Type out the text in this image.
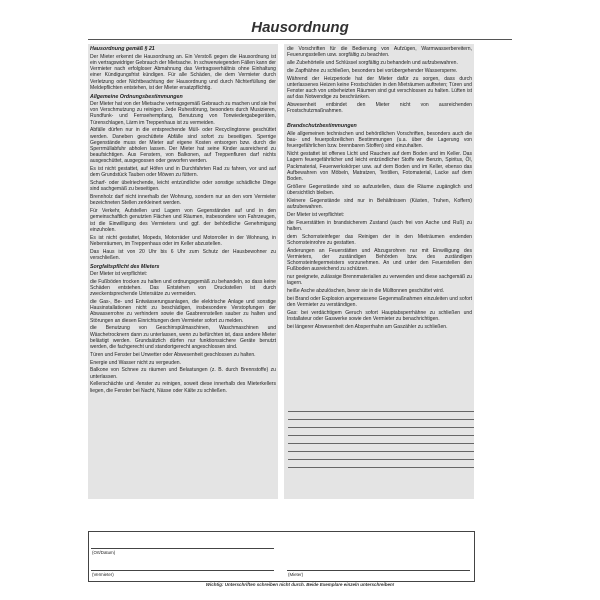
Hausordnung
Hausordnung gemäß § 21

Der Mieter erkennt die Hausordnung an. Ein Verstoß gegen die Hausordnung ist ein vertragswidriger Gebrauch der Mietsache. In schwerwiegenden Fällen kann der Vermieter nach erfolgloser Abmahnung das Vertragsverhältnis ohne Einhaltung einer Kündigungsfrist kündigen. Für alle Schäden, die dem Vermieter durch Verletzung oder Nichtbeachtung der Hausordnung und durch Nichterfüllung der Meldepflichten entstehen, ist der Mieter ersatzpflichtig.

Allgemeine Ordnungsbestimmungen

Der Mieter hat von der Mietsache vertragsgemäß Gebrauch zu machen und sie frei von Verschmutzung zu reinigen. Jede Ruhestörung, besonders durch Musizieren, Rundfunk- und Fernsehempfang, Benutzung von Tonwiedergabegeräten, Türenschlagen, Lärm im Treppenhaus ist zu vermeiden.

Abfälle dürfen nur in die entsprechende Müll- oder Recyclingtonne geschüttet werden. Daneben geschüttete Abfälle sind sofort zu beseitigen. Sperrige Gegenstände muss der Mieter auf eigene Kosten entsorgen bzw. durch die Sperrmüllabfuhr abholen lassen. Der Mieter hat seine Kinder ausreichend zu beaufsichtigen. Aus Fenstern, von Balkonen, auf Treppenfluren darf nichts ausgeschüttet, ausgegossen oder geworfen werden.

Es ist nicht gestattet, auf Höfen und in Durchfahrten Rad zu fahren, vor und auf dem Grundstück Tauben oder Möwen zu füttern.

Scharf- oder übelriechende, leicht entzündliche oder sonstige schädliche Dinge sind sachgemäß zu beseitigen.

Brennholz darf nicht innerhalb der Wohnung, sondern nur an den vom Vermieter bezeichneten Stellen zerkleinert werden.

Für Verkehr, Aufstellen und Lagern von Gegenständen auf und in den gemeinschaftlich genutzten Flächen und Räumen, insbesondere von Fahrzeugen, ist die Einwilligung des Vermieters und ggf. der behördliche Genehmigung einzuholen.

Es ist nicht gestattet, Mopeds, Motorräder und Motorroller in der Wohnung, in Nebenräumen, im Treppenhaus oder im Keller abzustellen.

Das Haus ist von 20 Uhr bis 6 Uhr zum Schutz der Hausbewohner zu verschließen.

Sorgfaltspflicht des Mieters

Der Mieter ist verpflichtet:

die Fußböden trocken zu halten und ordnungsgemäß zu behandeln, so dass keine Schäden entstehen. Das Entstehen von Druckstellen ist durch zweckentsprechende Untersätze zu vermeiden.

die Gas-, Be- und Entwässerungsanlagen, die elektrische Anlage und sonstige Hausinstallationen nicht zu beschädigen, insbesondere Verstopfungen der Abwasserrohre zu verhindern sowie die Gasbrennstellen sauber zu halten und Störungen an diesen Einrichtungen dem Vermieter sofort zu melden.

die Benutzung von Geschirrspülmaschinen, Waschmaschinen und Wäschetrocknern dann zu unterlassen, wenn zu befürchten ist, dass andere Mieter belästigt werden. Grundsätzlich dürfen nur funktionssichere Geräte benutzt werden, die fachgerecht und standortgerecht angeschlossen sind.

Türen und Fenster bei Unwetter oder Abwesenheit geschlossen zu halten.

Energie und Wasser nicht zu vergeuden.

Balkone von Schnee zu räumen und Belastungen (z. B. durch Brennstoffe) zu unterlassen.

Kellerschächte und -fenster zu reinigen, soweit diese innerhalb des Mieterkellers liegen, die Fenster bei Nacht, Nässe oder Kälte zu schließen.

die Vorschriften für die Bedienung von Aufzügen, Warmwasserbereitern, Feuerungsstellen usw. sorgfältig zu beachten.

alle Zubehörteile und Schlüssel sorgfältig zu behandeln und aufzubewahren.

die Zapfhähne zu schließen, besonders bei vorübergehender Wassersperre.

Während der Heizperiode hat der Mieter dafür zu sorgen, dass durch unterlassenes Heizen keine Frostschäden in den Mieträumen auftreten; Türen und Fenster auch von unbeheizten Räumen sind gut verschlossen zu halten. Lüften ist auf das Notwendige zu beschränken.

Abwesenheit entbindet den Mieter nicht von ausreichenden Frostschutzmaßnahmen.

Brandschutzbestimmungen

Alle allgemeinen technischen und behördlichen Vorschriften, besonders auch die bau- und feuerpolizeilichen Bestimmungen (u.a. über die Lagerung von feuergefährlichen bzw. brennbaren Stoffen) sind einzuhalten.

Nicht gestattet ist offenes Licht und Rauchen auf dem Boden und im Keller. Das Lagern feuergefährlicher und leicht entzündlicher Stoffe wie Benzin, Spiritus, Öl, Packmaterial, Feuerwerkskörper usw. auf dem Boden und im Keller, ebenso das Aufbewahren von Möbeln, Matratzen, Textilien, Fotomaterial, Lacke auf dem Boden.

Größere Gegenstände sind so aufzustellen, dass die Räume zugänglich und übersichtlich bleiben.

Kleinere Gegenstände sind nur in Behältnissen (Kästen, Truhen, Koffern) aufzubewahren.

Der Mieter ist verpflichtet:

die Feuerstätten in brandsicherem Zustand (auch frei von Asche und Ruß) zu halten.

dem Schornsteinfeger das Reinigen der in den Mieträumen endenden Schornsteinrohre zu gestatten.

Änderungen an Feuerstätten und Abzugsrohren nur mit Einwilligung des Vermieters, der zuständigen Behörden bzw. des zuständigen Schornsteinfegermeisters vorzunehmen. An und unter den Feuerstellen den Fußboden ausreichend zu schützen.

nur geeignete, zulässige Brennmaterialien zu verwenden und diese sachgemäß zu lagern.

heiße Asche abzulöschen, bevor sie in die Mülltonnen geschüttet wird.

bei Brand oder Explosion angemessene Gegenmaßnahmen einzuleiten und sofort den Vermieter zu verständigen.

Gas: bei verdächtigem Geruch sofort Hauptabsperrhähne zu schließen und Installateur oder Gaswerke sowie den Vermieter zu benachrichtigen.

bei längerer Abwesenheit den Absperrhahn am Gaszähler zu schließen.

(Ort/Datum)
(Vermieter)	(Mieter)
Wichtig: Unterschriften schreiben nicht durch. Beide Exemplare einzeln unterschreiben!
